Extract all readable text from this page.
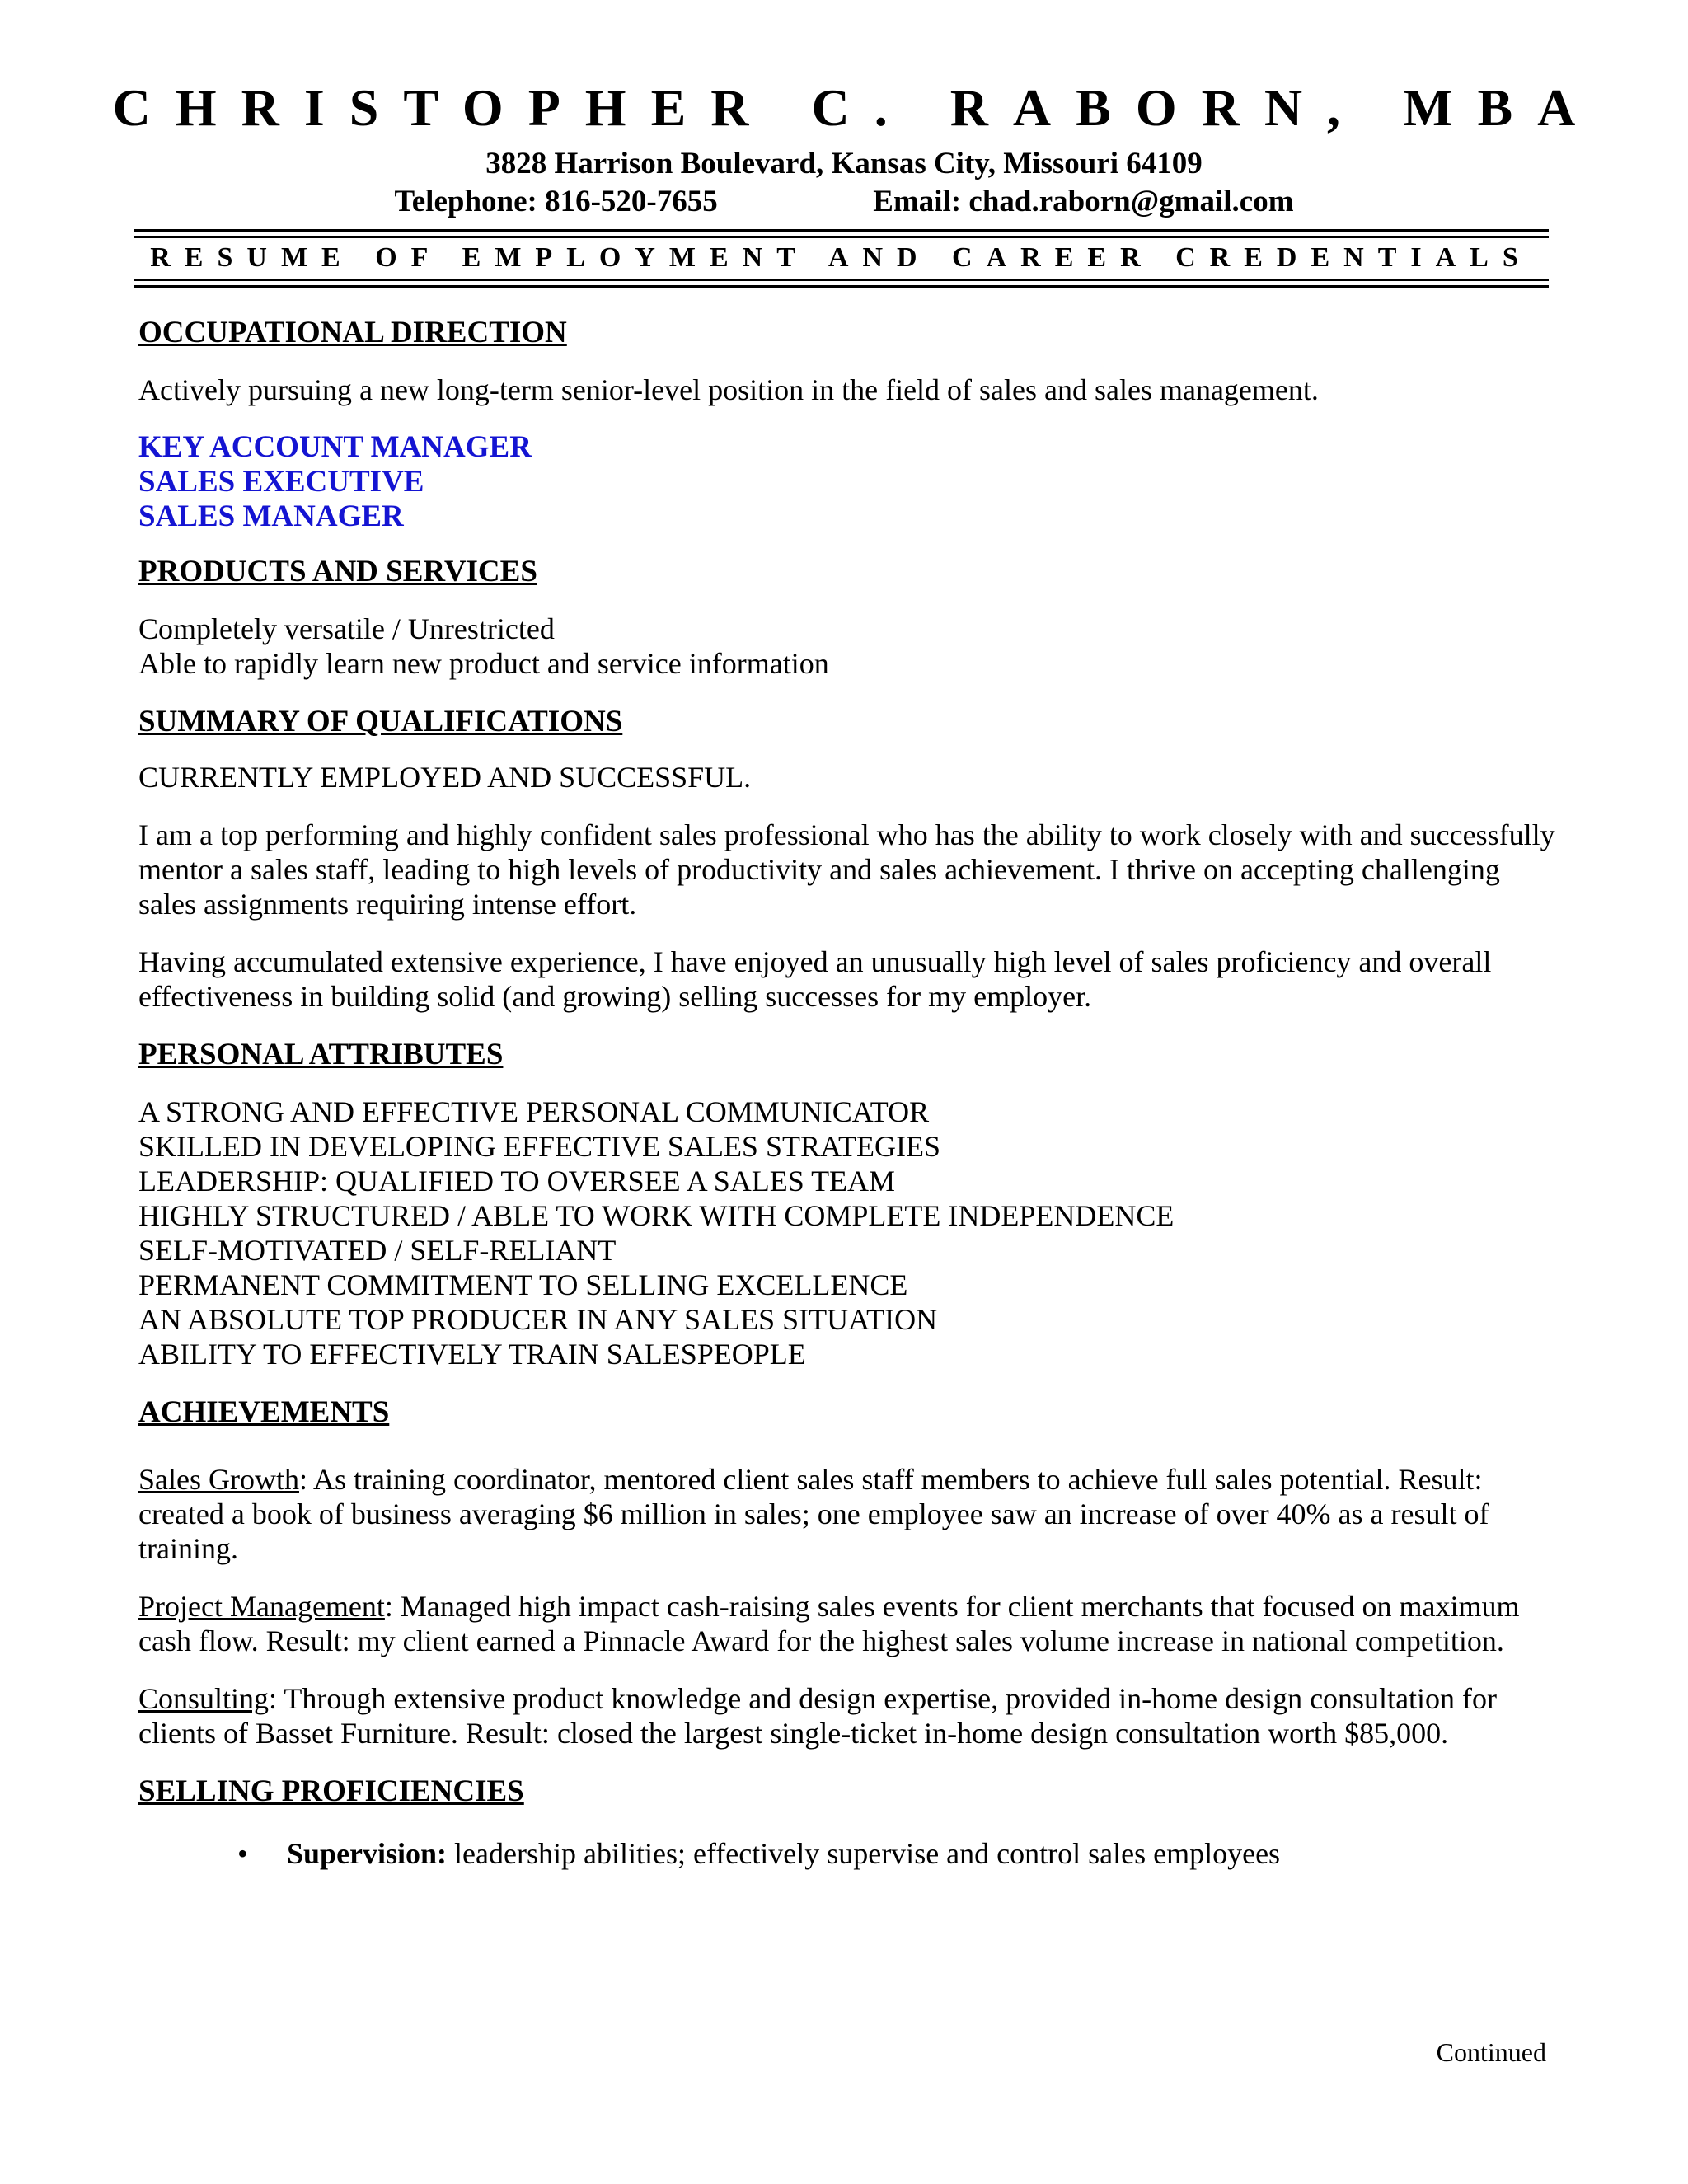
CHRISTOPHER C. RABORN, MBA
3828 Harrison Boulevard, Kansas City, Missouri 64109
Telephone: 816-520-7655	Email: chad.raborn@gmail.com
RESUME OF EMPLOYMENT AND CAREER CREDENTIALS
OCCUPATIONAL DIRECTION

Actively pursuing a new long-term senior-level position in the field of sales and sales management.

KEY ACCOUNT MANAGER
SALES EXECUTIVE
SALES MANAGER
PRODUCTS AND SERVICES
Completely versatile / Unrestricted
Able to rapidly learn new product and service information
SUMMARY OF QUALIFICATIONS

CURRENTLY EMPLOYED AND SUCCESSFUL.

I am a top performing and highly confident sales professional who has the ability to work closely with and successfully mentor a sales staff, leading to high levels of productivity and sales achievement. I thrive on accepting challenging sales assignments requiring intense effort.

Having accumulated extensive experience, I have enjoyed an unusually high level of sales proficiency and overall effectiveness in building solid (and growing) selling successes for my employer.

PERSONAL ATTRIBUTES
A STRONG AND EFFECTIVE PERSONAL COMMUNICATOR
SKILLED IN DEVELOPING EFFECTIVE SALES STRATEGIES
LEADERSHIP: QUALIFIED TO OVERSEE A SALES TEAM
HIGHLY STRUCTURED / ABLE TO WORK WITH COMPLETE INDEPENDENCE
SELF-MOTIVATED / SELF-RELIANT
PERMANENT COMMITMENT TO SELLING EXCELLENCE
AN ABSOLUTE TOP PRODUCER IN ANY SALES SITUATION
ABILITY TO EFFECTIVELY TRAIN SALESPEOPLE
ACHIEVEMENTS

Sales Growth: As training coordinator, mentored client sales staff members to achieve full sales potential. Result: created a book of business averaging $6 million in sales; one employee saw an increase of over 40% as a result of training.

Project Management: Managed high impact cash-raising sales events for client merchants that focused on maximum cash flow. Result: my client earned a Pinnacle Award for the highest sales volume increase in national competition.

Consulting: Through extensive product knowledge and design expertise, provided in-home design consultation for clients of Basset Furniture. Result: closed the largest single-ticket in-home design consultation worth $85,000.

SELLING PROFICIENCIES
• Supervision: leadership abilities; effectively supervise and control sales employees
Continued
